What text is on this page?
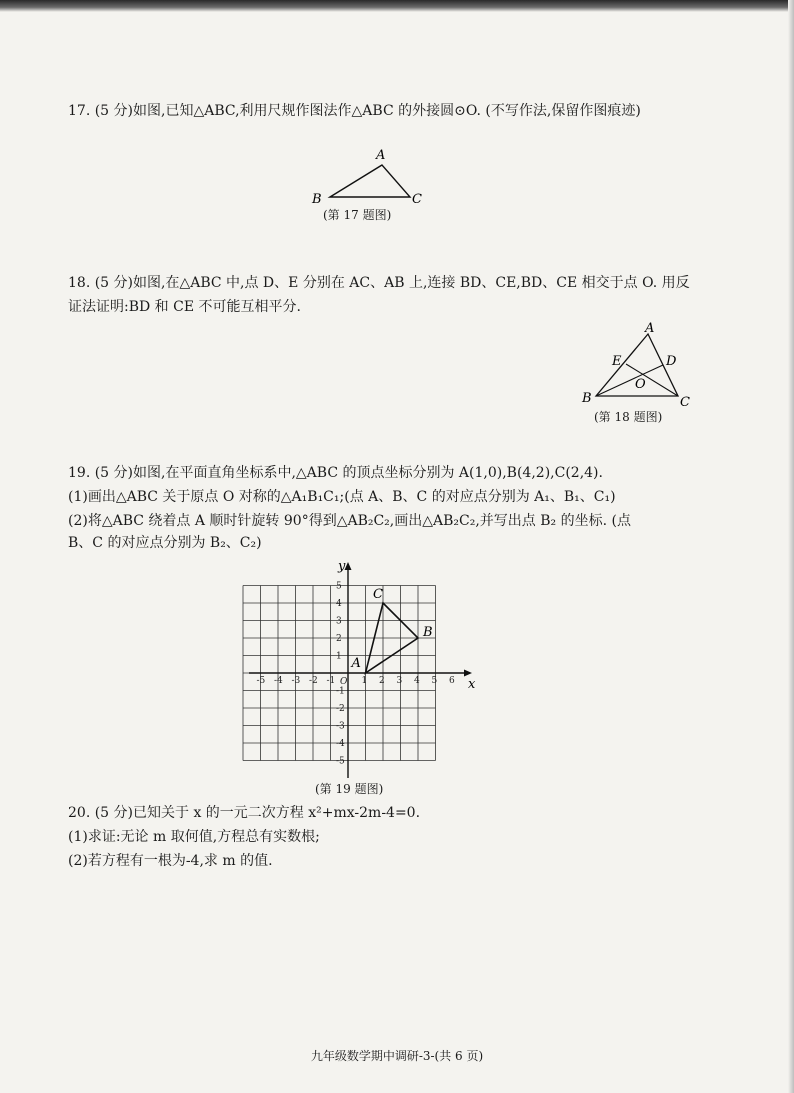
17. (5 分)如图,已知△ABC,利用尺规作图法作△ABC 的外接圆⊙O. (不写作法,保留作图痕迹)
A
B	C
(第 17 题图)
18. (5 分)如图,在△ABC 中,点 D、E 分别在 AC、AB 上,连接 BD、CE,BD、CE 相交于点 O. 用反
证法证明:BD 和 CE 不可能互相平分.
A
B	C
D
E
O
(第 18 题图)
19. (5 分)如图,在平面直角坐标系中,△ABC 的顶点坐标分别为 A(1,0),B(4,2),C(2,4).
(1)画出△ABC 关于原点 O 对称的△A₁B₁C₁;(点 A、B、C 的对应点分别为 A₁、B₁、C₁)
(2)将△ABC 绕着点 A 顺时针旋转 90°得到△AB₂C₂,画出△AB₂C₂,并写出点 B₂ 的坐标. (点
B、C 的对应点分别为 B₂、C₂)
x
y
O
-5 -4 -3 -2 -1	1 2 3 4 5 6
5
4
3
2
1
-1
-2
-3
-4
-5
A
B
C
(第 19 题图)
20. (5 分)已知关于 x 的一元二次方程 x²+mx-2m-4=0.
(1)求证:无论 m 取何值,方程总有实数根;
(2)若方程有一根为-4,求 m 的值.
九年级数学期中调研-3-(共 6 页)
